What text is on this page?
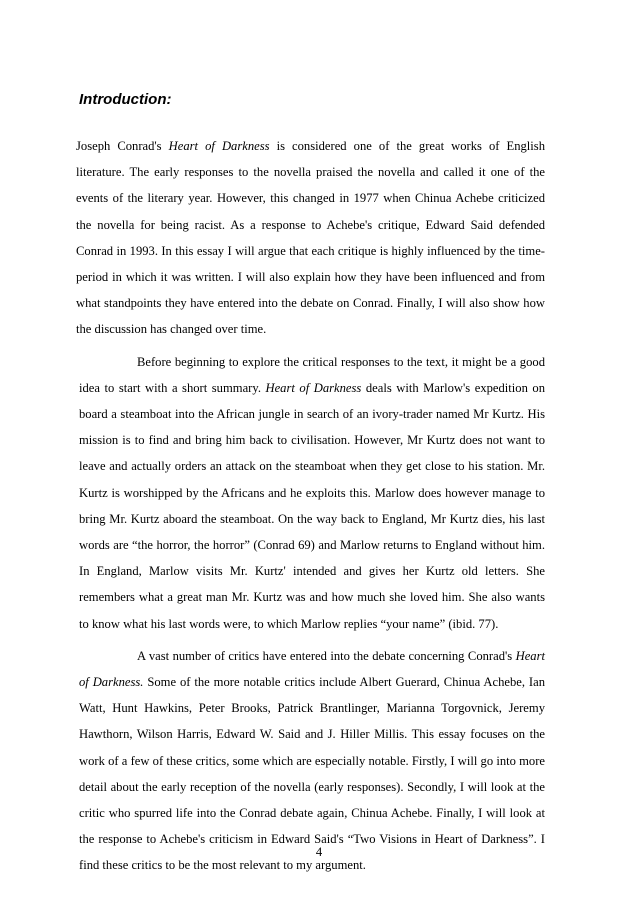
Introduction:

Joseph Conrad's Heart of Darkness is considered one of the great works of English literature. The early responses to the novella praised the novella and called it one of the events of the literary year. However, this changed in 1977 when Chinua Achebe criticized the novella for being racist. As a response to Achebe's critique, Edward Said defended Conrad in 1993. In this essay I will argue that each critique is highly influenced by the time-period in which it was written. I will also explain how they have been influenced and from what standpoints they have entered into the debate on Conrad. Finally, I will also show how the discussion has changed over time.

Before beginning to explore the critical responses to the text, it might be a good idea to start with a short summary. Heart of Darkness deals with Marlow's expedition on board a steamboat into the African jungle in search of an ivory-trader named Mr Kurtz. His mission is to find and bring him back to civilisation. However, Mr Kurtz does not want to leave and actually orders an attack on the steamboat when they get close to his station. Mr. Kurtz is worshipped by the Africans and he exploits this. Marlow does however manage to bring Mr. Kurtz aboard the steamboat. On the way back to England, Mr Kurtz dies, his last words are “the horror, the horror” (Conrad 69) and Marlow returns to England without him. In England, Marlow visits Mr. Kurtz' intended and gives her Kurtz old letters. She remembers what a great man Mr. Kurtz was and how much she loved him. She also wants to know what his last words were, to which Marlow replies “your name” (ibid. 77).

A vast number of critics have entered into the debate concerning Conrad's Heart of Darkness. Some of the more notable critics include Albert Guerard, Chinua Achebe, Ian Watt, Hunt Hawkins, Peter Brooks, Patrick Brantlinger, Marianna Torgovnick, Jeremy Hawthorn, Wilson Harris, Edward W. Said and J. Hiller Millis. This essay focuses on the work of a few of these critics, some which are especially notable. Firstly, I will go into more detail about the early reception of the novella (early responses). Secondly, I will look at the critic who spurred life into the Conrad debate again, Chinua Achebe. Finally, I will look at the response to Achebe's criticism in Edward Said's “Two Visions in Heart of Darkness”. I find these critics to be the most relevant to my argument.

4
